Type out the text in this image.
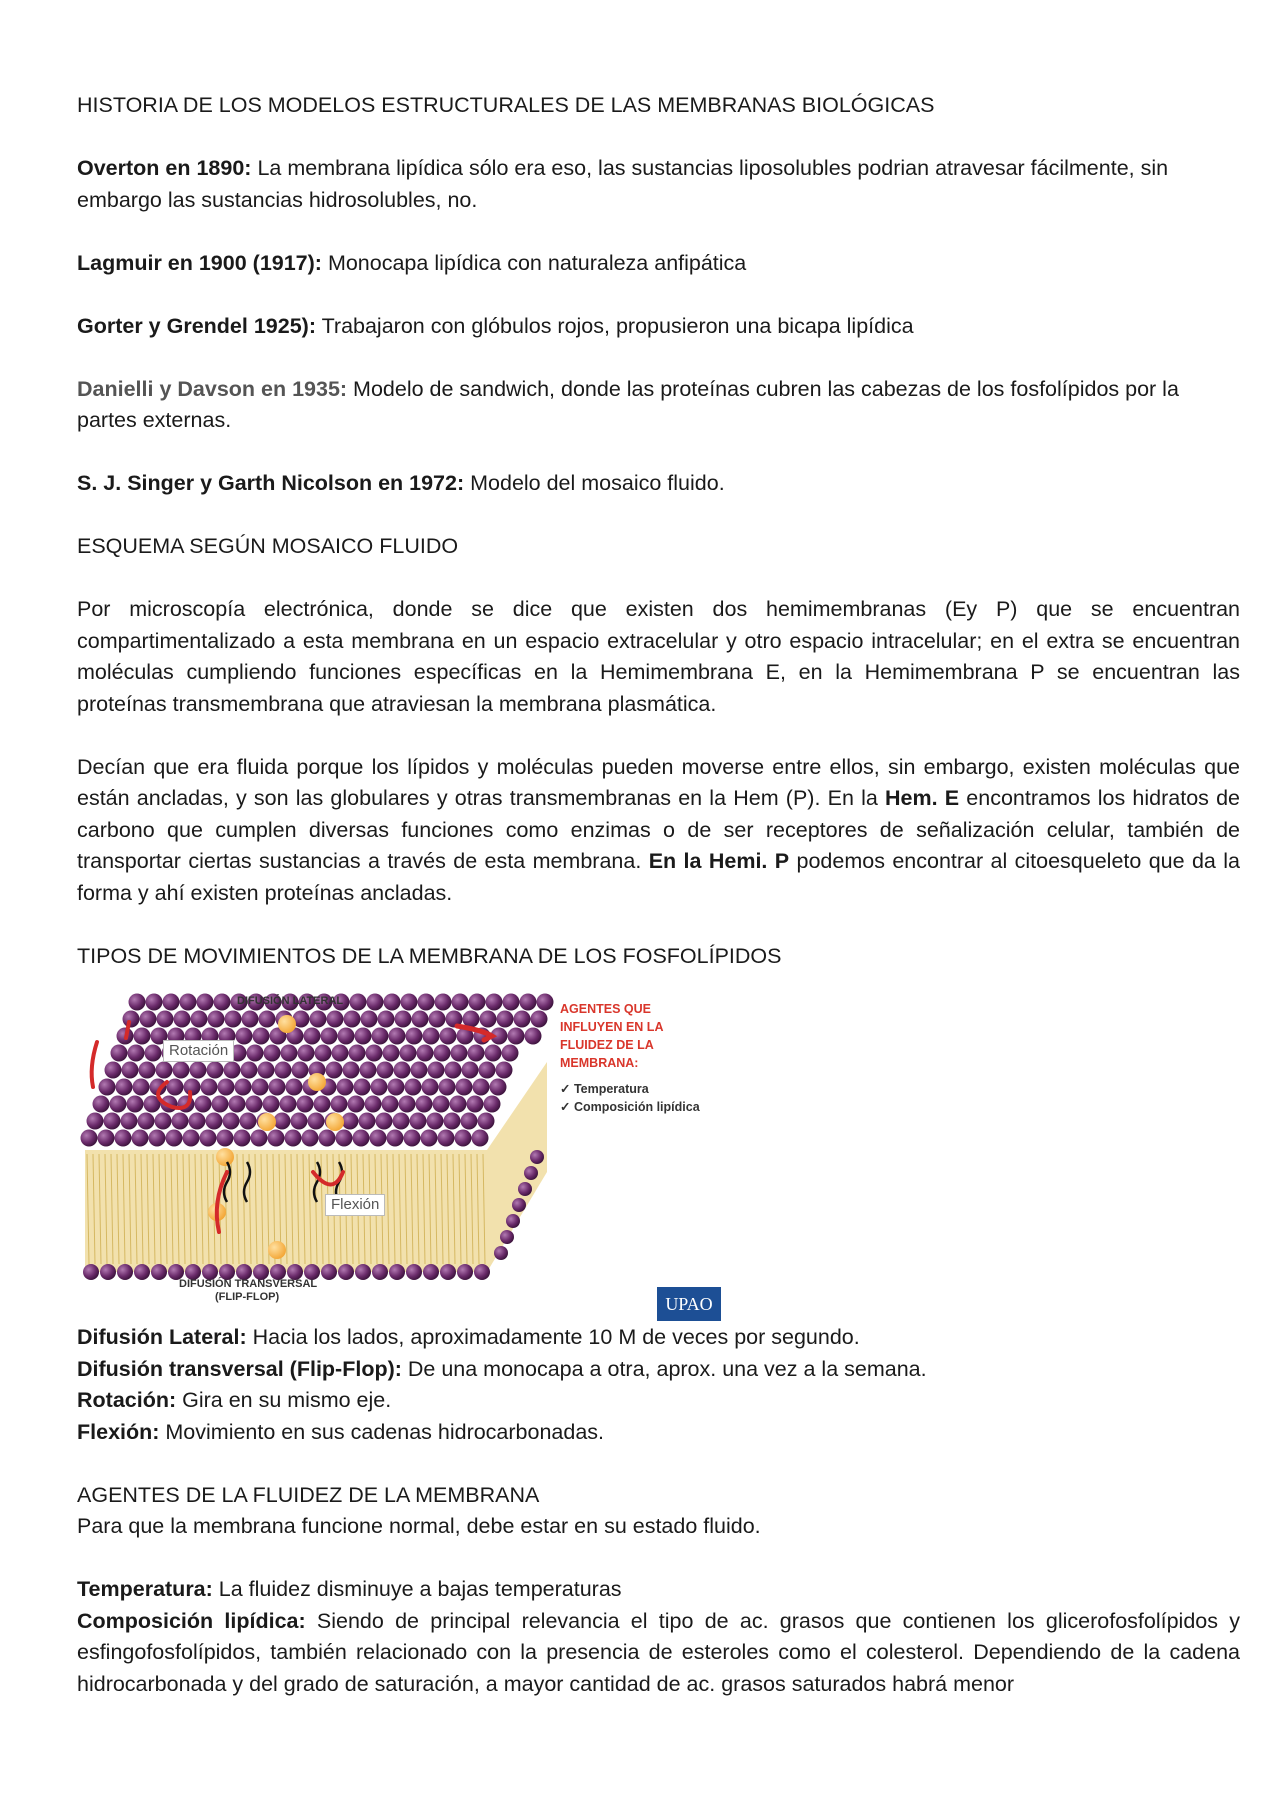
HISTORIA DE LOS MODELOS ESTRUCTURALES DE LAS MEMBRANAS BIOLÓGICAS

Overton en 1890: La membrana lipídica sólo era eso, las sustancias liposolubles podrian atravesar fácilmente, sin embargo las sustancias hidrosolubles, no.

Lagmuir en 1900 (1917): Monocapa lipídica con naturaleza anfipática

Gorter y Grendel 1925): Trabajaron con glóbulos rojos, propusieron una bicapa lipídica

Danielli y Davson en 1935: Modelo de sandwich, donde las proteínas cubren las cabezas de los fosfolípidos por la partes externas.

S. J. Singer y Garth Nicolson en 1972: Modelo del mosaico fluido.

ESQUEMA SEGÚN MOSAICO FLUIDO

Por microscopía electrónica, donde se dice que existen dos hemimembranas (Ey P) que se encuentran compartimentalizado a esta membrana en un espacio extracelular y otro espacio intracelular; en el extra se encuentran moléculas cumpliendo funciones específicas en la Hemimembrana E, en la Hemimembrana P se encuentran las proteínas transmembrana que atraviesan la membrana plasmática.

Decían que era fluida porque los lípidos y moléculas pueden moverse entre ellos, sin embargo, existen moléculas que están ancladas, y son las globulares y otras transmembranas en la Hem (P). En la Hem. E encontramos los hidratos de carbono que cumplen diversas funciones como enzimas o de ser receptores de señalización celular, también de transportar ciertas sustancias a través de esta membrana. En la Hemi. P podemos encontrar al citoesqueleto que da la forma y ahí existen proteínas ancladas.

TIPOS DE MOVIMIENTOS DE LA MEMBRANA DE LOS FOSFOLÍPIDOS

DIFUSIÓN LATERAL
Rotación
Flexión
DIFUSIÓN TRANSVERSAL
(FLIP-FLOP)
AGENTES QUE
INFLUYEN EN LA
FLUIDEZ DE LA
MEMBRANA:
✓ Temperatura
✓ Composición lipídica
UPAO

Difusión Lateral: Hacia los lados, aproximadamente 10 M de veces por segundo.

Difusión transversal (Flip-Flop): De una monocapa a otra, aprox. una vez a la semana.

Rotación: Gira en su mismo eje.

Flexión: Movimiento en sus cadenas hidrocarbonadas.

AGENTES DE LA FLUIDEZ DE LA MEMBRANA

Para que la membrana funcione normal, debe estar en su estado fluido.

Temperatura: La fluidez disminuye a bajas temperaturas

Composición lipídica: Siendo de principal relevancia el tipo de ac. grasos que contienen los glicerofosfolípidos y esfingofosfolípidos, también relacionado con la presencia de esteroles como el colesterol. Dependiendo de la cadena hidrocarbonada y del grado de saturación, a mayor cantidad de ac. grasos saturados habrá menor
